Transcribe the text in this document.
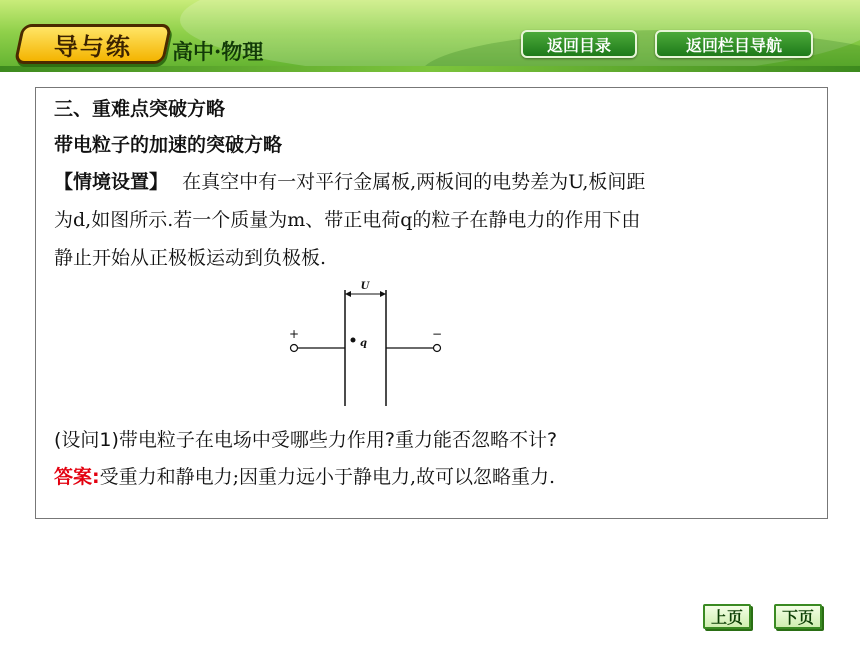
导与练 高中·物理	返回目录	返回栏目导航
三、重难点突破方略
带电粒子的加速的突破方略
【情境设置】 在真空中有一对平行金属板,两板间的电势差为U,板间距
为d,如图所示.若一个质量为m、带正电荷q的粒子在静电力的作用下由
静止开始从正极板运动到负极板.
U
+	−
q
(设问1)带电粒子在电场中受哪些力作用?重力能否忽略不计?
答案:受重力和静电力;因重力远小于静电力,故可以忽略重力.
上页	下页
